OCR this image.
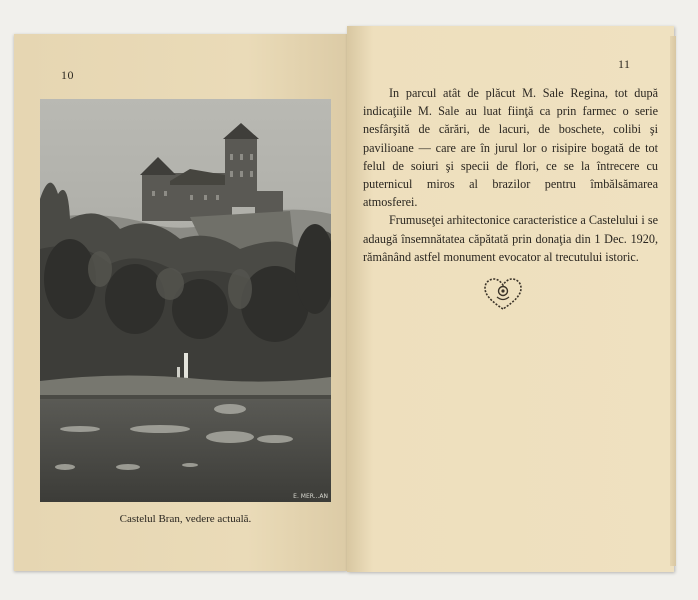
10
11
E. MER...AN
Castelul Bran, vedere actuală.

In parcul atât de plăcut M. Sale Regina, tot după indicaţiile M. Sale au luat fiinţă ca prin farmec o serie nesfârşită de cărări, de lacuri, de boschete, colibi şi pavilioane — care are în jurul lor o risipire bogată de tot felul de soiuri şi specii de flori, ce se la întrecere cu puternicul miros al brazilor pentru îmbălsămarea atmosferei.

Frumuseţei arhitectonice caracteristice a Castelului i se adaugă însemnătatea căpătată prin donaţia din 1 Dec. 1920, rămânând astfel monument evocator al trecutului istoric.
